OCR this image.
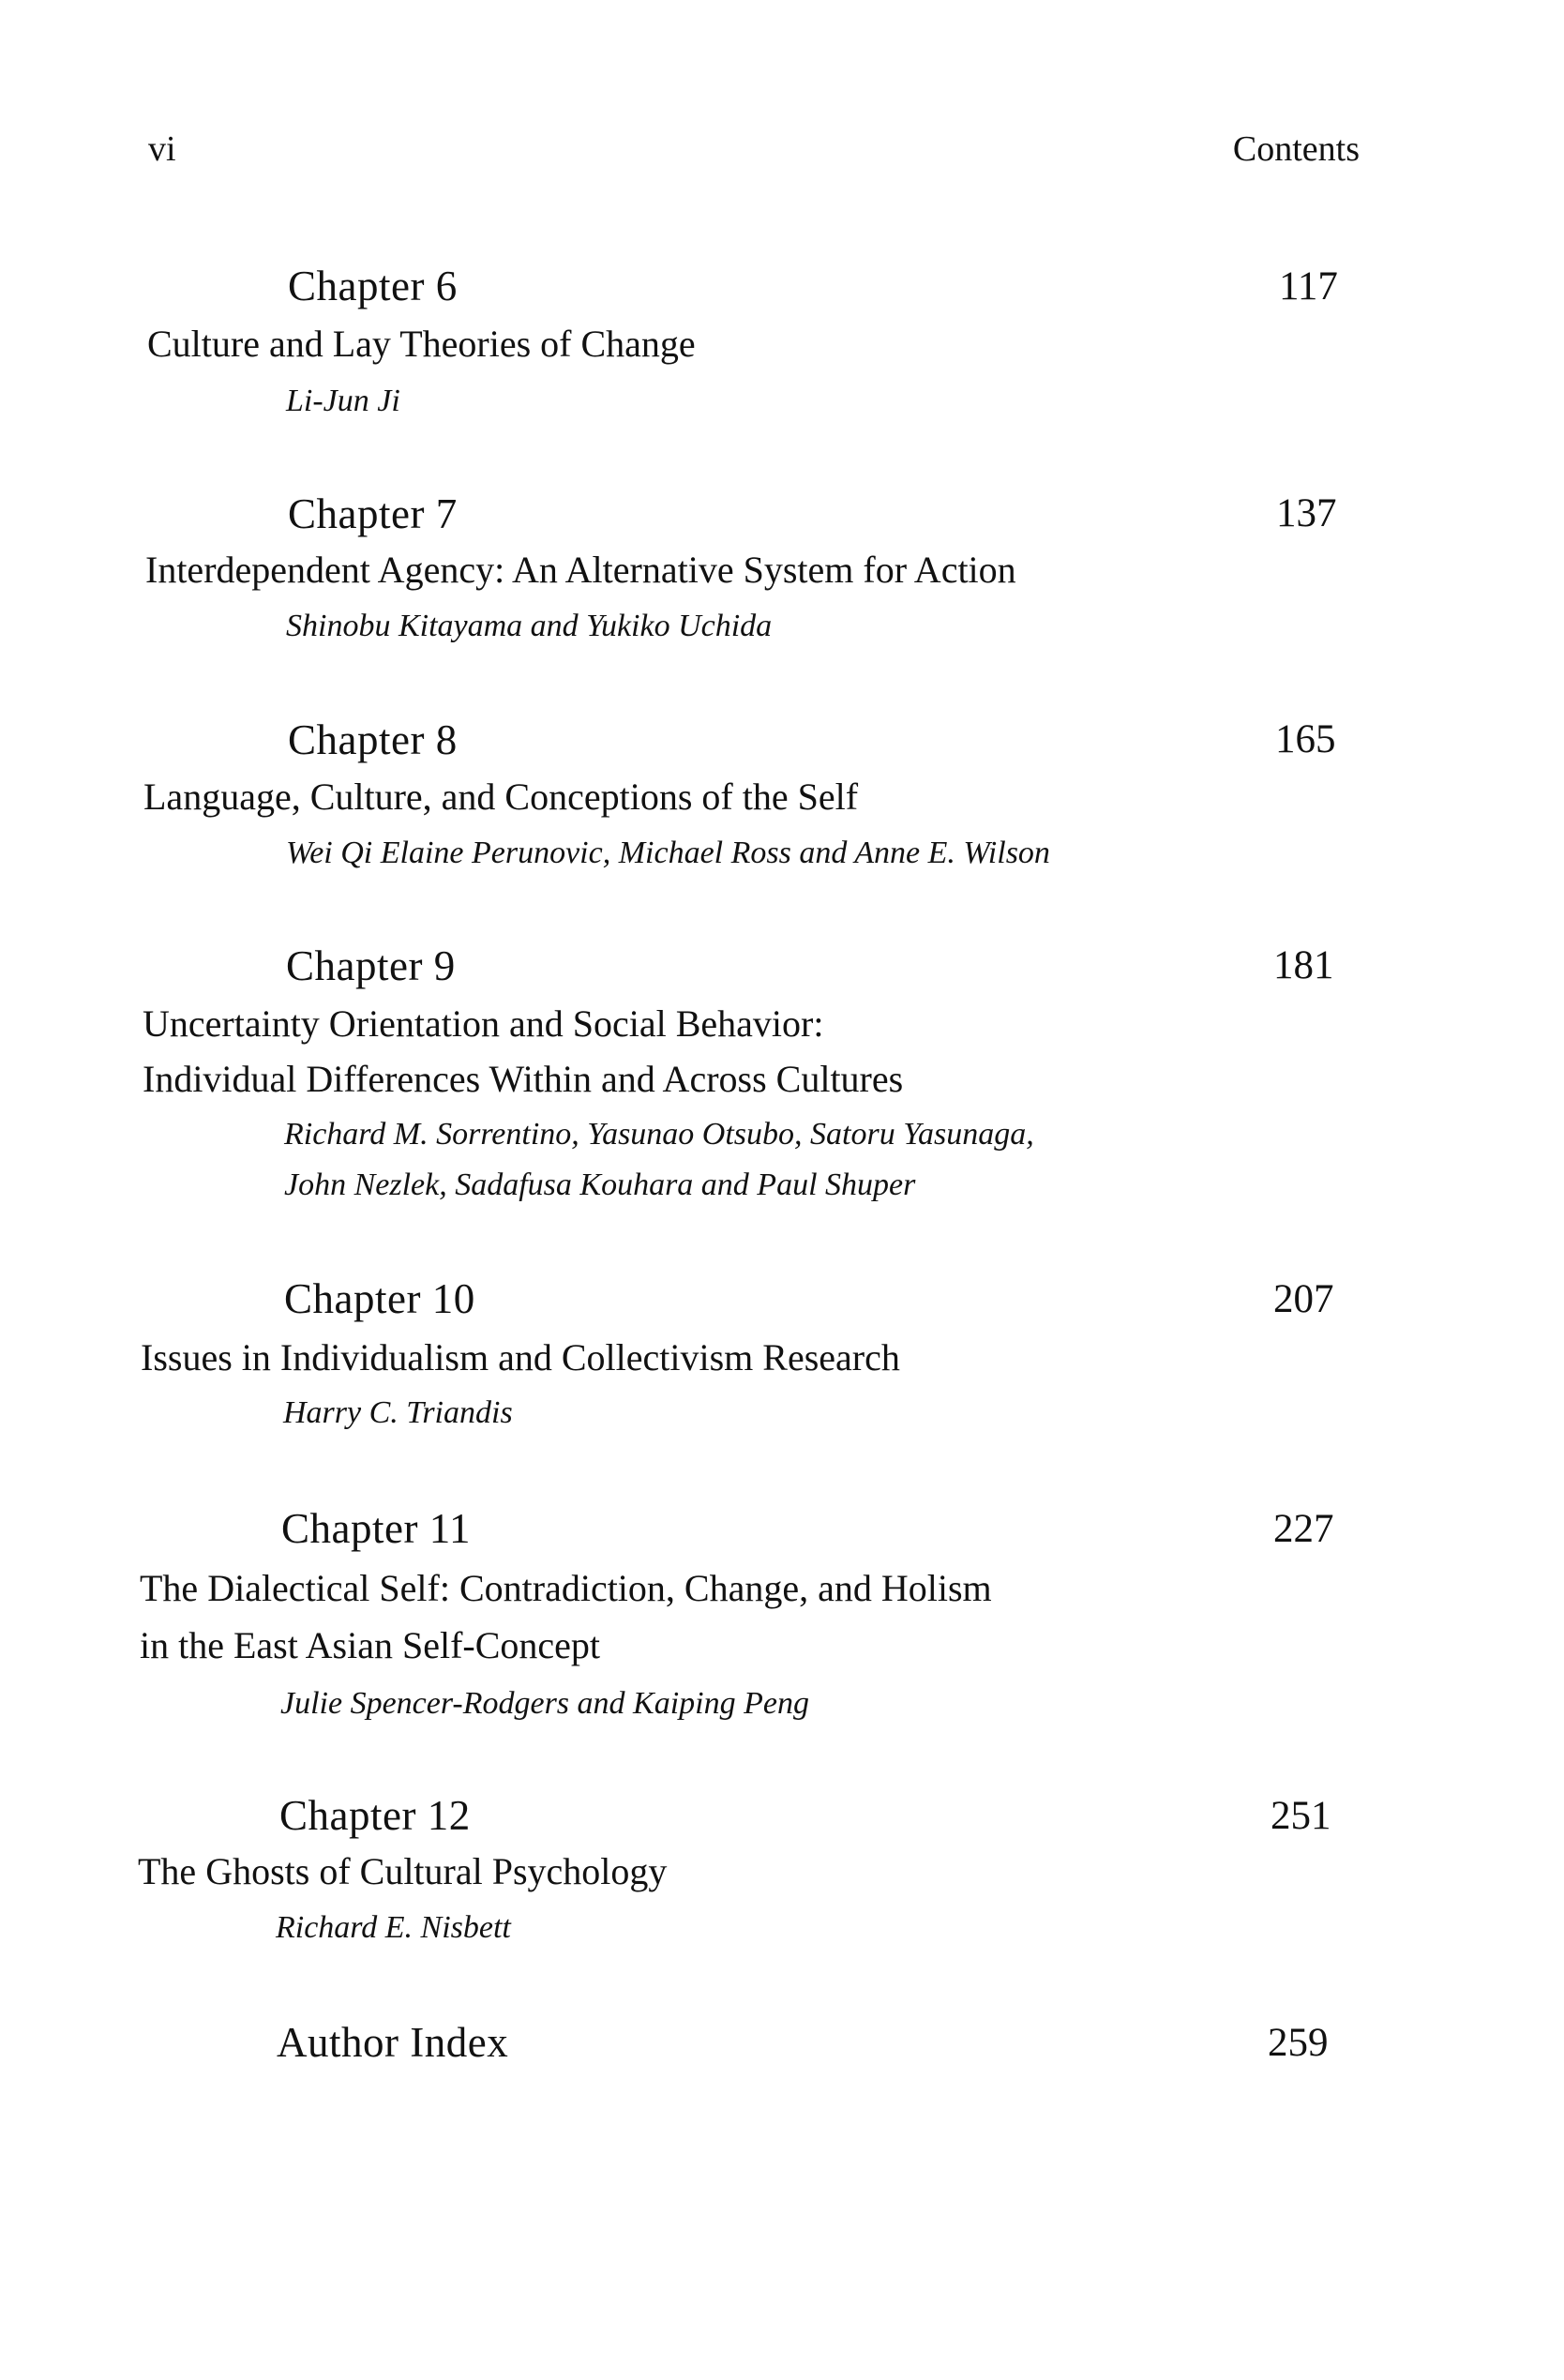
vi	Contents
Chapter 6	117
Culture and Lay Theories of Change
Li-Jun Ji
Chapter 7	137
Interdependent Agency: An Alternative System for Action
Shinobu Kitayama and Yukiko Uchida
Chapter 8	165
Language, Culture, and Conceptions of the Self
Wei Qi Elaine Perunovic, Michael Ross and Anne E. Wilson
Chapter 9	181
Uncertainty Orientation and Social Behavior:
Individual Differences Within and Across Cultures
Richard M. Sorrentino, Yasunao Otsubo, Satoru Yasunaga,
John Nezlek, Sadafusa Kouhara and Paul Shuper
Chapter 10	207
Issues in Individualism and Collectivism Research
Harry C. Triandis
Chapter 11	227
The Dialectical Self: Contradiction, Change, and Holism
in the East Asian Self-Concept
Julie Spencer-Rodgers and Kaiping Peng
Chapter 12	251
The Ghosts of Cultural Psychology
Richard E. Nisbett
Author Index	259
